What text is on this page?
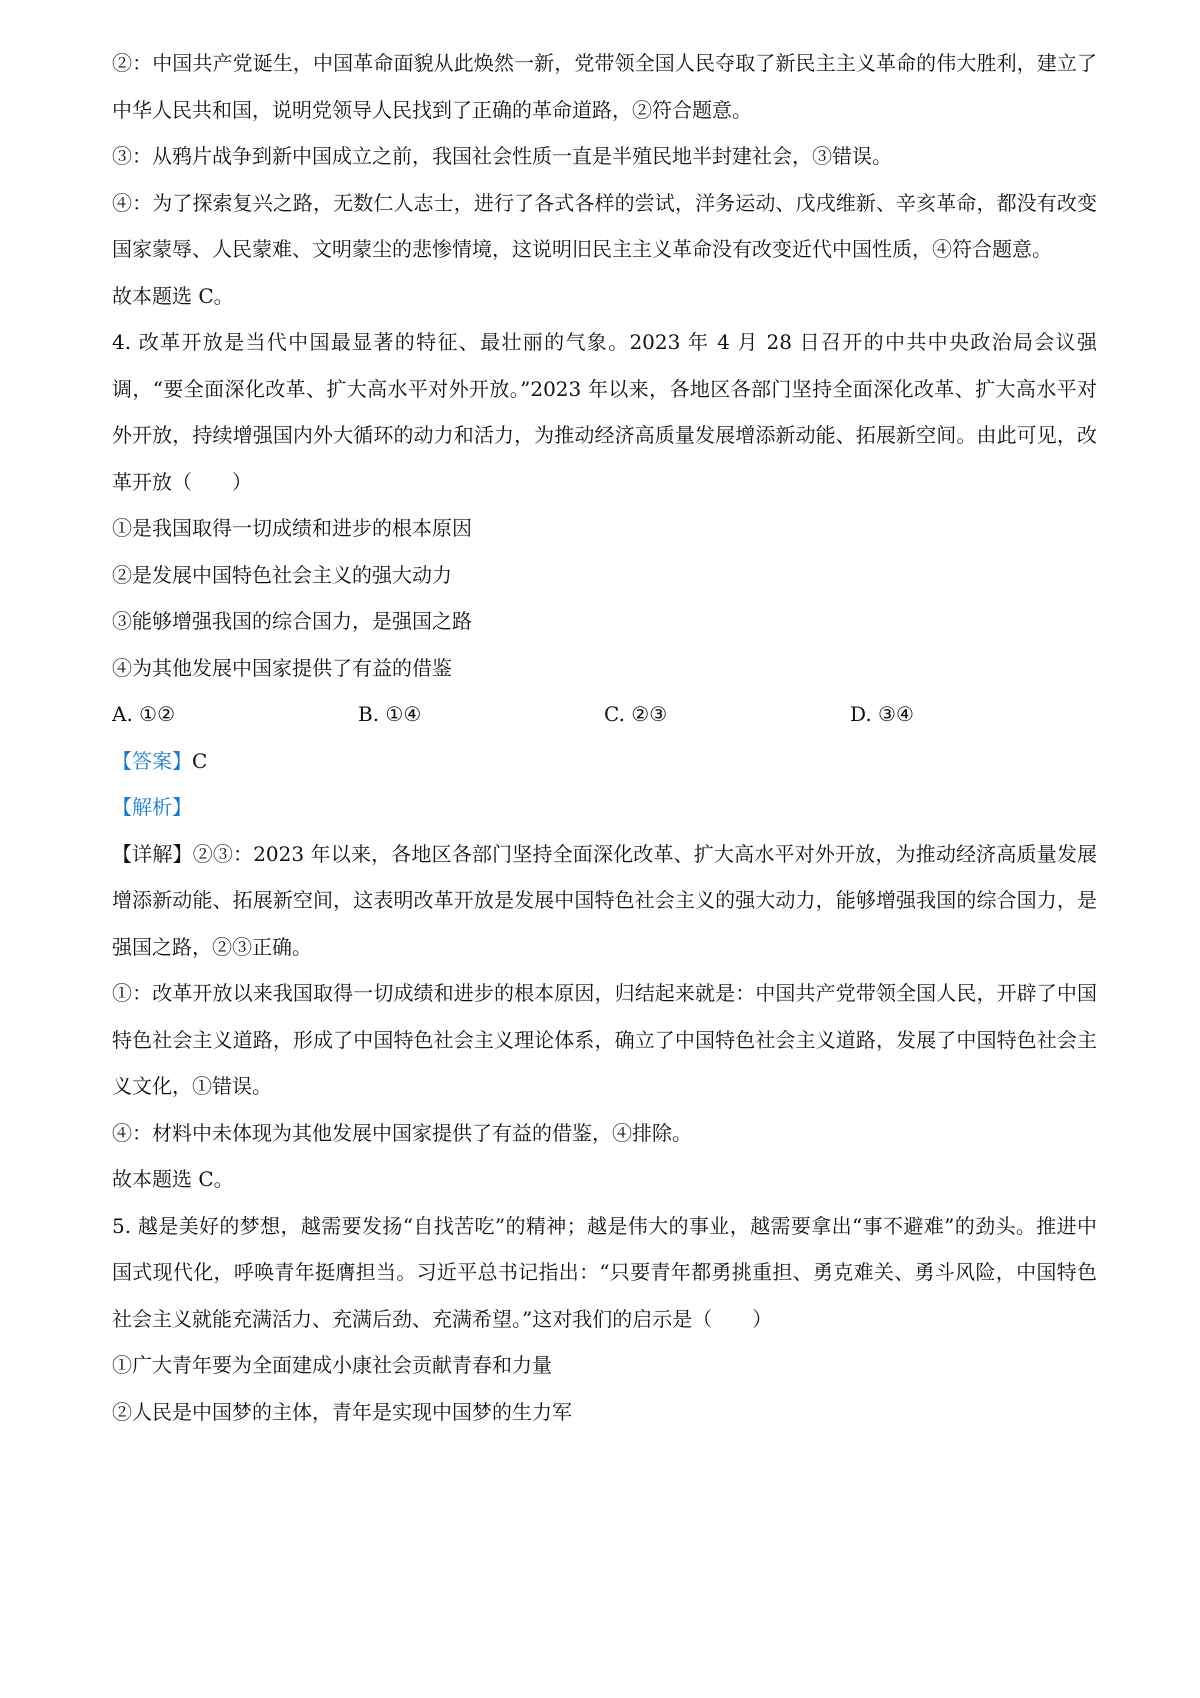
②：中国共产党诞生，中国革命面貌从此焕然一新，党带领全国人民夺取了新民主主义革命的伟大胜利，建立了中华人民共和国，说明党领导人民找到了正确的革命道路，②符合题意。

③：从鸦片战争到新中国成立之前，我国社会性质一直是半殖民地半封建社会，③错误。

④：为了探索复兴之路，无数仁人志士，进行了各式各样的尝试，洋务运动、戊戌维新、辛亥革命，都没有改变国家蒙辱、人民蒙难、文明蒙尘的悲惨情境，这说明旧民主主义革命没有改变近代中国性质，④符合题意。

故本题选 C。

4. 改革开放是当代中国最显著的特征、最壮丽的气象。2023 年 4 月 28 日召开的中共中央政治局会议强调，“要全面深化改革、扩大高水平对外开放。”2023 年以来，各地区各部门坚持全面深化改革、扩大高水平对外开放，持续增强国内外大循环的动力和活力，为推动经济高质量发展增添新动能、拓展新空间。由此可见，改革开放（　　）

①是我国取得一切成绩和进步的根本原因

②是发展中国特色社会主义的强大动力

③能够增强我国的综合国力，是强国之路

④为其他发展中国家提供了有益的借鉴

A. ①②	B. ①④	C. ②③	D. ③④

【答案】C

【解析】

【详解】②③：2023 年以来，各地区各部门坚持全面深化改革、扩大高水平对外开放，为推动经济高质量发展增添新动能、拓展新空间，这表明改革开放是发展中国特色社会主义的强大动力，能够增强我国的综合国力，是强国之路，②③正确。

①：改革开放以来我国取得一切成绩和进步的根本原因，归结起来就是：中国共产党带领全国人民，开辟了中国特色社会主义道路，形成了中国特色社会主义理论体系，确立了中国特色社会主义道路，发展了中国特色社会主义文化，①错误。

④：材料中未体现为其他发展中国家提供了有益的借鉴，④排除。

故本题选 C。

5. 越是美好的梦想，越需要发扬“自找苦吃”的精神；越是伟大的事业，越需要拿出“事不避难”的劲头。推进中国式现代化，呼唤青年挺膺担当。习近平总书记指出：“只要青年都勇挑重担、勇克难关、勇斗风险，中国特色社会主义就能充满活力、充满后劲、充满希望。”这对我们的启示是（　　）

①广大青年要为全面建成小康社会贡献青春和力量

②人民是中国梦的主体，青年是实现中国梦的生力军
